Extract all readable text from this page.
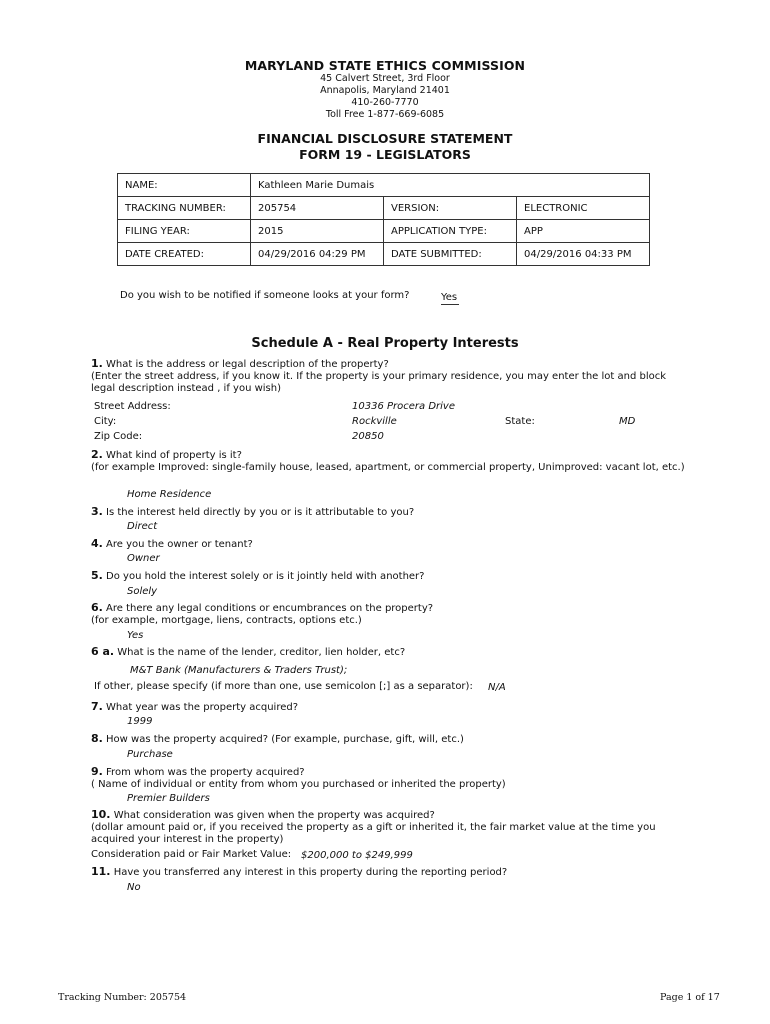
MARYLAND STATE ETHICS COMMISSION
45 Calvert Street, 3rd Floor
Annapolis, Maryland 21401
410-260-7770
Toll Free 1-877-669-6085
FINANCIAL DISCLOSURE STATEMENT
FORM 19 - LEGISLATORS
NAME:	Kathleen Marie Dumais		
TRACKING NUMBER:	205754	VERSION:	ELECTRONIC
FILING YEAR:	2015	APPLICATION TYPE:	APP
DATE CREATED:	04/29/2016 04:29 PM	DATE SUBMITTED:	04/29/2016 04:33 PM
Do you wish to be notified if someone looks at your form?	Yes
Schedule A - Real Property Interests
1. What is the address or legal description of the property?
(Enter the street address, if you know it. If the property is your primary residence, you may enter the lot and block legal description instead , if you wish)
Street Address:	10336 Procera Drive
City:	Rockville	State:	MD
Zip Code:	20850
2. What kind of property is it?
(for example Improved: single-family house, leased, apartment, or commercial property, Unimproved: vacant lot, etc.)
Home Residence
3. Is the interest held directly by you or is it attributable to you?
Direct
4. Are you the owner or tenant?
Owner
5. Do you hold the interest solely or is it jointly held with another?
Solely
6. Are there any legal conditions or encumbrances on the property?
(for example, mortgage, liens, contracts, options etc.)
Yes
6 a. What is the name of the lender, creditor, lien holder, etc?
M&T Bank (Manufacturers & Traders Trust);
If other, please specify (if more than one, use semicolon [;] as a separator): N/A
7. What year was the property acquired?
1999
8. How was the property acquired? (For example, purchase, gift, will, etc.)
Purchase
9. From whom was the property acquired?
( Name of individual or entity from whom you purchased or inherited the property)
Premier Builders
10. What consideration was given when the property was acquired?
(dollar amount paid or, if you received the property as a gift or inherited it, the fair market value at the time you acquired your interest in the property)
Consideration paid or Fair Market Value: $200,000 to $249,999
11. Have you transferred any interest in this property during the reporting period?
No
Tracking Number: 205754	Page 1 of 17
